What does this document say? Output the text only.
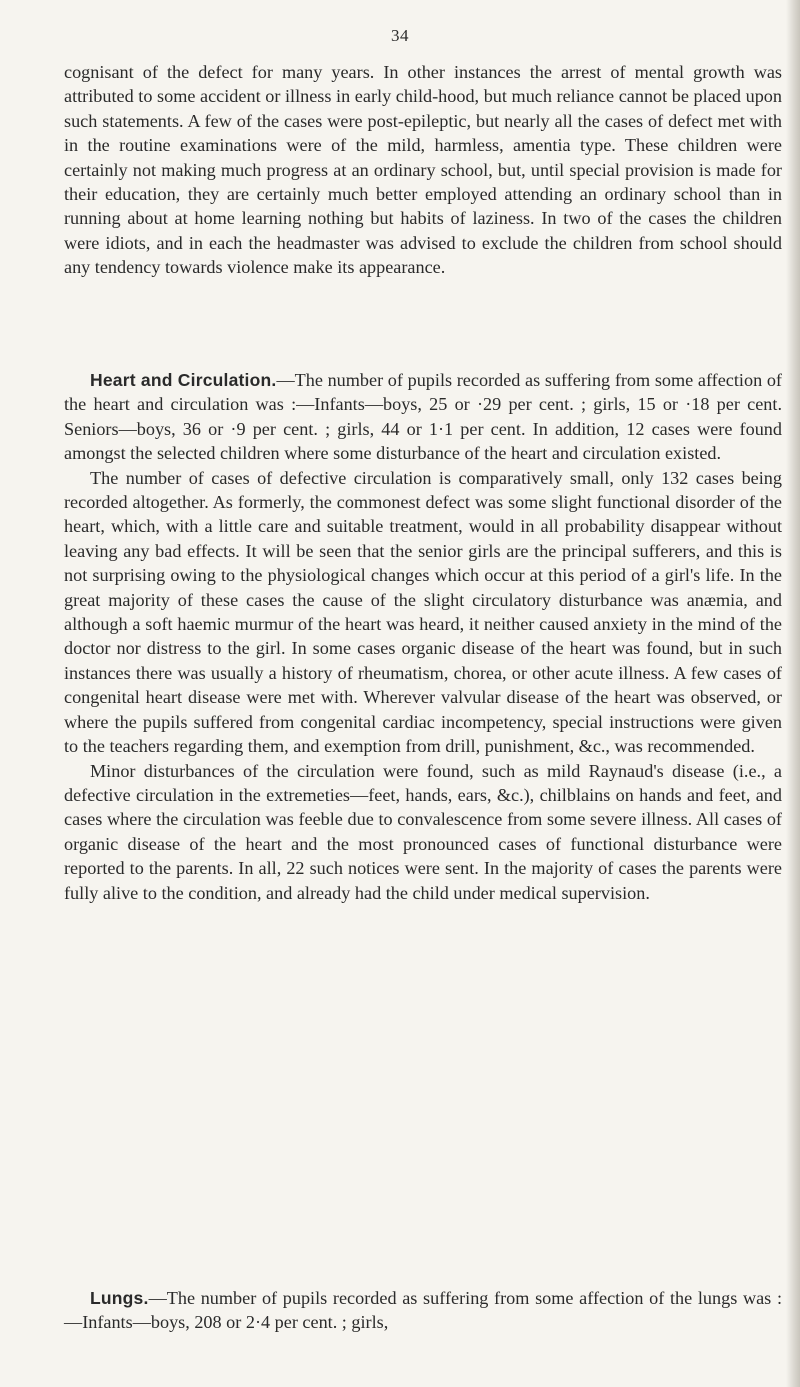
34

cognisant of the defect for many years. In other instances the arrest of mental growth was attributed to some accident or illness in early child-hood, but much reliance cannot be placed upon such statements. A few of the cases were post-epileptic, but nearly all the cases of defect met with in the routine examinations were of the mild, harmless, amentia type. These children were certainly not making much progress at an ordinary school, but, until special provision is made for their education, they are certainly much better employed attending an ordinary school than in running about at home learning nothing but habits of laziness. In two of the cases the children were idiots, and in each the headmaster was advised to exclude the children from school should any tendency towards violence make its appearance.

Heart and Circulation.—The number of pupils recorded as suffering from some affection of the heart and circulation was :—Infants—boys, 25 or ·29 per cent. ; girls, 15 or ·18 per cent. Seniors—boys, 36 or ·9 per cent. ; girls, 44 or 1·1 per cent. In addition, 12 cases were found amongst the selected children where some disturbance of the heart and circulation existed.

The number of cases of defective circulation is comparatively small, only 132 cases being recorded altogether. As formerly, the commonest defect was some slight functional disorder of the heart, which, with a little care and suitable treatment, would in all probability disappear without leaving any bad effects. It will be seen that the senior girls are the principal sufferers, and this is not surprising owing to the physiological changes which occur at this period of a girl's life. In the great majority of these cases the cause of the slight circulatory disturbance was anæmia, and although a soft haemic murmur of the heart was heard, it neither caused anxiety in the mind of the doctor nor distress to the girl. In some cases organic disease of the heart was found, but in such instances there was usually a history of rheumatism, chorea, or other acute illness. A few cases of congenital heart disease were met with. Wherever valvular disease of the heart was observed, or where the pupils suffered from congenital cardiac incompetency, special instructions were given to the teachers regarding them, and exemption from drill, punishment, &c., was recommended.

Minor disturbances of the circulation were found, such as mild Raynaud's disease (i.e., a defective circulation in the extremeties—feet, hands, ears, &c.), chilblains on hands and feet, and cases where the circulation was feeble due to convalescence from some severe illness. All cases of organic disease of the heart and the most pronounced cases of functional disturbance were reported to the parents. In all, 22 such notices were sent. In the majority of cases the parents were fully alive to the condition, and already had the child under medical supervision.

Lungs.—The number of pupils recorded as suffering from some affection of the lungs was :—Infants—boys, 208 or 2·4 per cent. ; girls,
